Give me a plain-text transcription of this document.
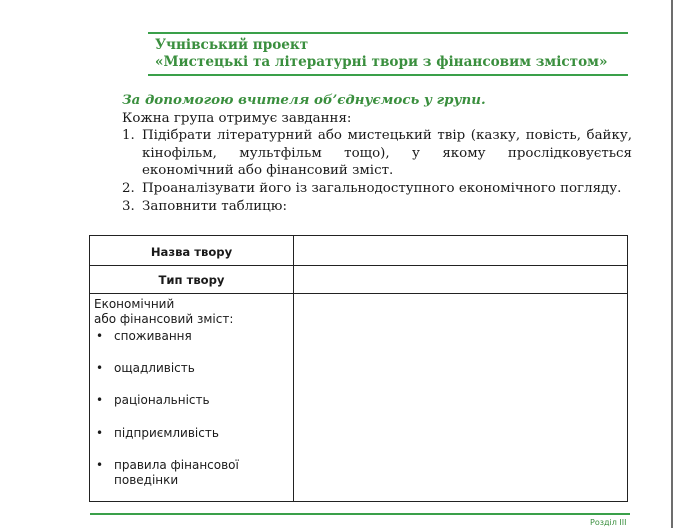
Учнівський проект
«Мистецькі та літературні твори з фінансовим змістом»
За допомогою вчителя об’єднуємось у групи.
Кожна група отримує завдання:
1. Підібрати літературний або мистецький твір (казку, повість, байку, кінофільм, мультфільм тощо), у якому прослідковується економічний або фінансовий зміст.
2. Проаналізувати його із загальнодоступного економічного погляду.
3. Заповнити таблицю:
Назва твору
Тип твору
Економічний
або фінансовий зміст:
• споживання
• ощадливість
• раціональність
• підприємливість
• правила фінансової поведінки
Розділ III
